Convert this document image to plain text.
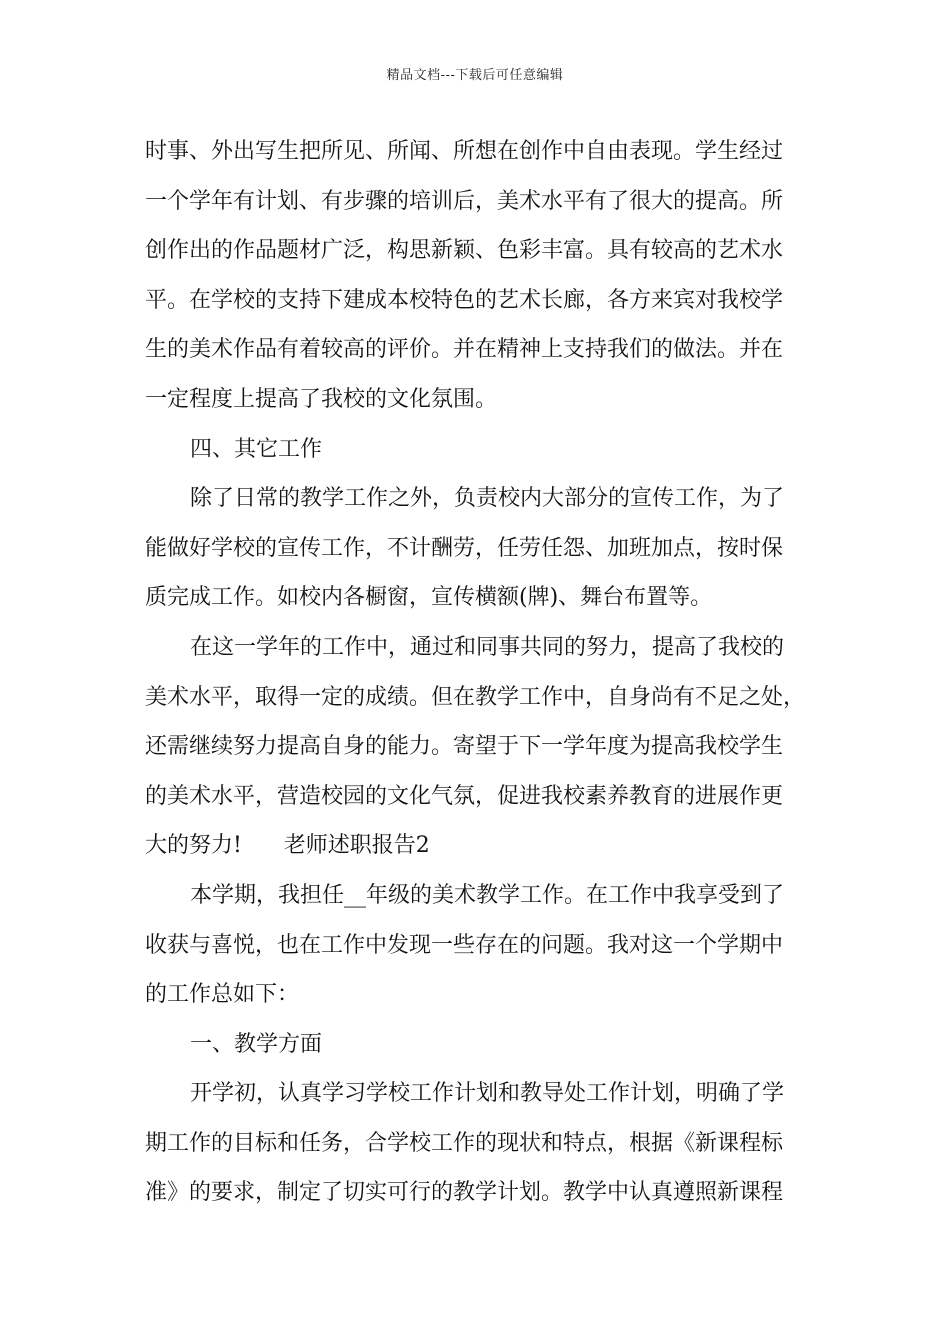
精品文档---下载后可任意编辑
时事、外出写生把所见、所闻、所想在创作中自由表现。学生经过
一个学年有计划、有步骤的培训后，美术水平有了很大的提高。所
创作出的作品题材广泛，构思新颖、色彩丰富。具有较高的艺术水
平。在学校的支持下建成本校特色的艺术长廊，各方来宾对我校学
生的美术作品有着较高的评价。并在精神上支持我们的做法。并在
一定程度上提高了我校的文化氛围。
四、其它工作
除了日常的教学工作之外，负责校内大部分的宣传工作，为了
能做好学校的宣传工作，不计酬劳，任劳任怨、加班加点，按时保
质完成工作。如校内各橱窗，宣传横额(牌)、舞台布置等。
在这一学年的工作中，通过和同事共同的努力，提高了我校的
美术水平，取得一定的成绩。但在教学工作中，自身尚有不足之处，
还需继续努力提高自身的能力。寄望于下一学年度为提高我校学生
的美术水平，营造校园的文化气氛，促进我校素养教育的进展作更
大的努力!      老师述职报告2
本学期，我担任__年级的美术教学工作。在工作中我享受到了
收获与喜悦，也在工作中发现一些存在的问题。我对这一个学期中
的工作总如下：
一、教学方面
开学初，认真学习学校工作计划和教导处工作计划，明确了学
期工作的目标和任务，合学校工作的现状和特点，根据《新课程标
准》的要求，制定了切实可行的教学计划。教学中认真遵照新课程
